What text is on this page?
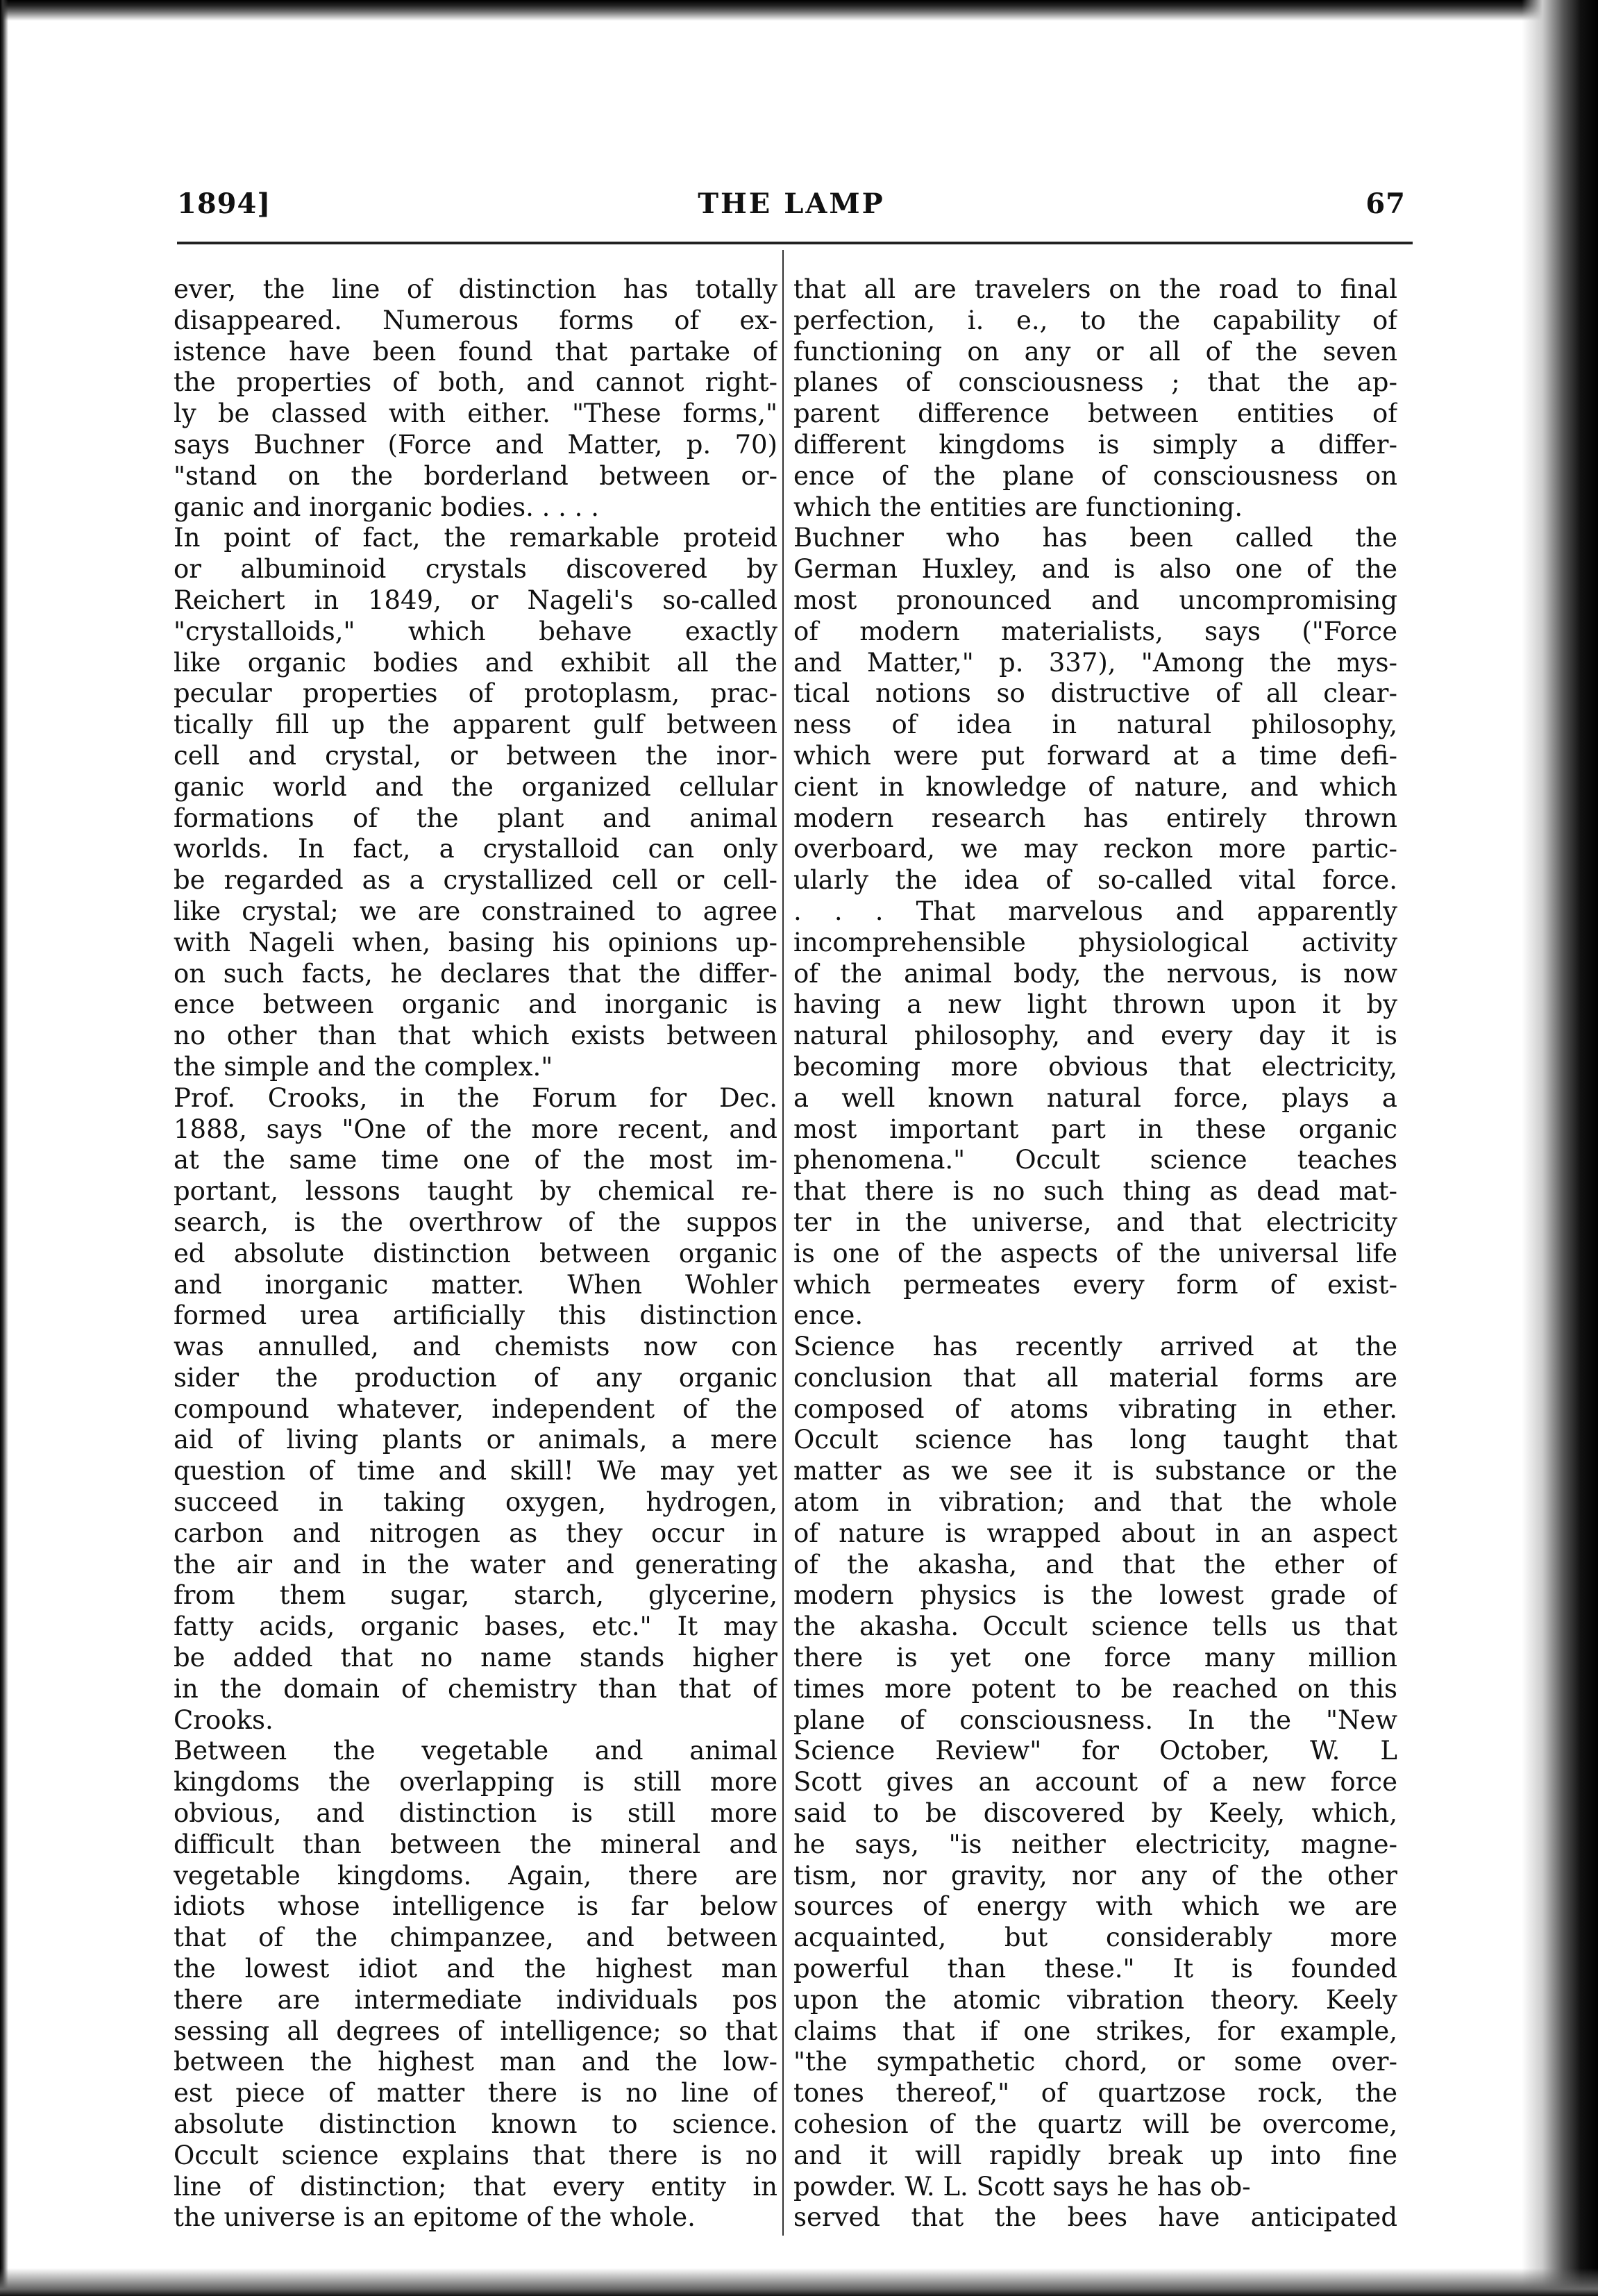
1894]	THE LAMP	67
ever, the line of distinction has totally
disappeared. Numerous forms of ex-
istence have been found that partake of
the properties of both, and cannot right-
ly be classed with either. "These forms,"
says Buchner (Force and Matter, p. 70)
"stand on the borderland between or-
ganic and inorganic bodies. . . . .
In point of fact, the remarkable proteid
or albuminoid crystals discovered by
Reichert in 1849, or Nageli's so-called
"crystalloids," which behave exactly
like organic bodies and exhibit all the
pecular properties of protoplasm, prac-
tically fill up the apparent gulf between
cell and crystal, or between the inor-
ganic world and the organized cellular
formations of the plant and animal
worlds. In fact, a crystalloid can only
be regarded as a crystallized cell or cell-
like crystal; we are constrained to agree
with Nageli when, basing his opinions up-
on such facts, he declares that the differ-
ence between organic and inorganic is
no other than that which exists between
the simple and the complex."
Prof. Crooks, in the Forum for Dec.
1888, says "One of the more recent, and
at the same time one of the most im-
portant, lessons taught by chemical re-
search, is the overthrow of the suppos
ed absolute distinction between organic
and inorganic matter. When Wohler
formed urea artificially this distinction
was annulled, and chemists now con
sider the production of any organic
compound whatever, independent of the
aid of living plants or animals, a mere
question of time and skill! We may yet
succeed in taking oxygen, hydrogen,
carbon and nitrogen as they occur in
the air and in the water and generating
from them sugar, starch, glycerine,
fatty acids, organic bases, etc." It may
be added that no name stands higher
in the domain of chemistry than that of
Crooks.
Between the vegetable and animal
kingdoms the overlapping is still more
obvious, and distinction is still more
difficult than between the mineral and
vegetable kingdoms. Again, there are
idiots whose intelligence is far below
that of the chimpanzee, and between
the lowest idiot and the highest man
there are intermediate individuals pos
sessing all degrees of intelligence; so that
between the highest man and the low-
est piece of matter there is no line of
absolute distinction known to science.
Occult science explains that there is no
line of distinction; that every entity in
the universe is an epitome of the whole.
that all are travelers on the road to final
perfection, i. e., to the capability of
functioning on any or all of the seven
planes of consciousness ; that the ap-
parent difference between entities of
different kingdoms is simply a differ-
ence of the plane of consciousness on
which the entities are functioning.
Buchner who has been called the
German Huxley, and is also one of the
most pronounced and uncompromising
of modern materialists, says ("Force
and Matter," p. 337), "Among the mys-
tical notions so distructive of all clear-
ness of idea in natural philosophy,
which were put forward at a time defi-
cient in knowledge of nature, and which
modern research has entirely thrown
overboard, we may reckon more partic-
ularly the idea of so-called vital force.
. . . That marvelous and apparently
incomprehensible physiological activity
of the animal body, the nervous, is now
having a new light thrown upon it by
natural philosophy, and every day it is
becoming more obvious that electricity,
a well known natural force, plays a
most important part in these organic
phenomena." Occult science teaches
that there is no such thing as dead mat-
ter in the universe, and that electricity
is one of the aspects of the universal life
which permeates every form of exist-
ence.
Science has recently arrived at the
conclusion that all material forms are
composed of atoms vibrating in ether.
Occult science has long taught that
matter as we see it is substance or the
atom in vibration; and that the whole
of nature is wrapped about in an aspect
of the akasha, and that the ether of
modern physics is the lowest grade of
the akasha. Occult science tells us that
there is yet one force many million
times more potent to be reached on this
plane of consciousness. In the "New
Science Review" for October, W. L
Scott gives an account of a new force
said to be discovered by Keely, which,
he says, "is neither electricity, magne-
tism, nor gravity, nor any of the other
sources of energy with which we are
acquainted, but considerably more
powerful than these." It is founded
upon the atomic vibration theory. Keely
claims that if one strikes, for example,
"the sympathetic chord, or some over-
tones thereof," of quartzose rock, the
cohesion of the quartz will be overcome,
and it will rapidly break up into fine
powder. W. L. Scott says he has ob-
served that the bees have anticipated
